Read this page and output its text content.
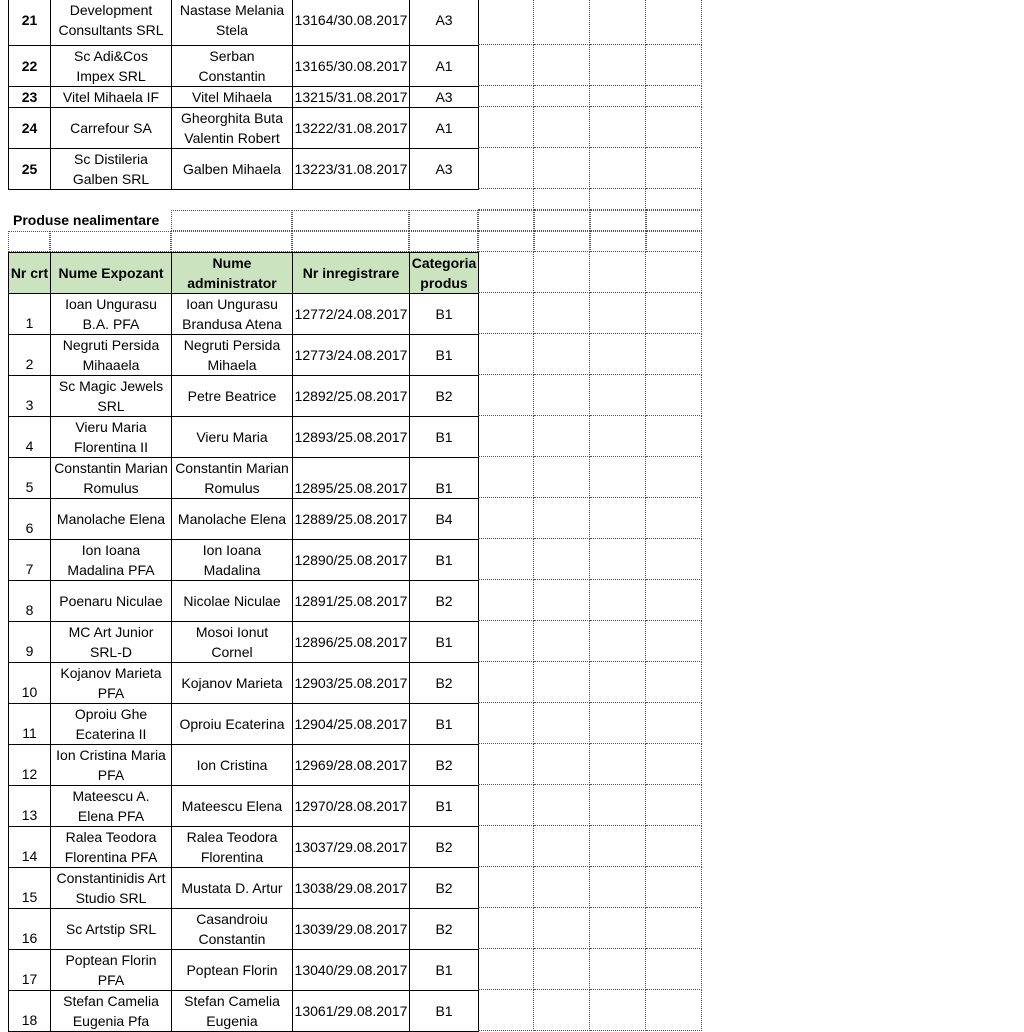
21
Development
Consultants SRL
Nastase Melania
Stela
13164/30.08.2017 A3
22
Sc Adi&Cos
Impex SRL
Serban
Constantin
13165/30.08.2017 A1
23 Vitel Mihaela IF Vitel Mihaela 13215/31.08.2017 A3
24 Carrefour SA
Gheorghita Buta
Valentin Robert
13222/31.08.2017 A1
25
Sc Distileria
Galben SRL
Galben Mihaela 13223/31.08.2017 A3
Produse nealimentare
Nr crt Nume Expozant
Nume
administrator
Nr inregistrare
Categoria
produs
1
Ioan Ungurasu
B.A. PFA
Ioan Ungurasu
Brandusa Atena
12772/24.08.2017 B1
2
Negruti Persida
Mihaaela
Negruti Persida
Mihaela
12773/24.08.2017 B1
3
Sc Magic Jewels
SRL
Petre Beatrice 12892/25.08.2017 B2
4
Vieru Maria
Florentina II
Vieru Maria 12893/25.08.2017 B1
5
Constantin Marian
Romulus
Constantin Marian
Romulus	12895/25.08.2017 B1
6
Manolache Elena Manolache Elena 12889/25.08.2017 B4
7
Ion Ioana
Madalina PFA
Ion Ioana
Madalina
12890/25.08.2017 B1
8
Poenaru Niculae Nicolae Niculae 12891/25.08.2017 B2
9
MC Art Junior
SRL-D
Mosoi Ionut
Cornel
12896/25.08.2017 B1
10
Kojanov Marieta
PFA
Kojanov Marieta 12903/25.08.2017 B2
11
Oproiu Ghe
Ecaterina II
Oproiu Ecaterina 12904/25.08.2017 B1
12
Ion Cristina Maria
PFA
Ion Cristina 12969/28.08.2017 B2
13
Mateescu A.
Elena PFA
Mateescu Elena 12970/28.08.2017 B1
14
Ralea Teodora
Florentina PFA
Ralea Teodora
Florentina
13037/29.08.2017 B2
15
Constantinidis Art
Studio SRL
Mustata D. Artur 13038/29.08.2017 B2
16
Sc Artstip SRL
Casandroiu
Constantin
13039/29.08.2017 B2
17
Poptean Florin
PFA
Poptean Florin 13040/29.08.2017 B1
18
Stefan Camelia
Eugenia Pfa
Stefan Camelia
Eugenia
13061/29.08.2017 B1
